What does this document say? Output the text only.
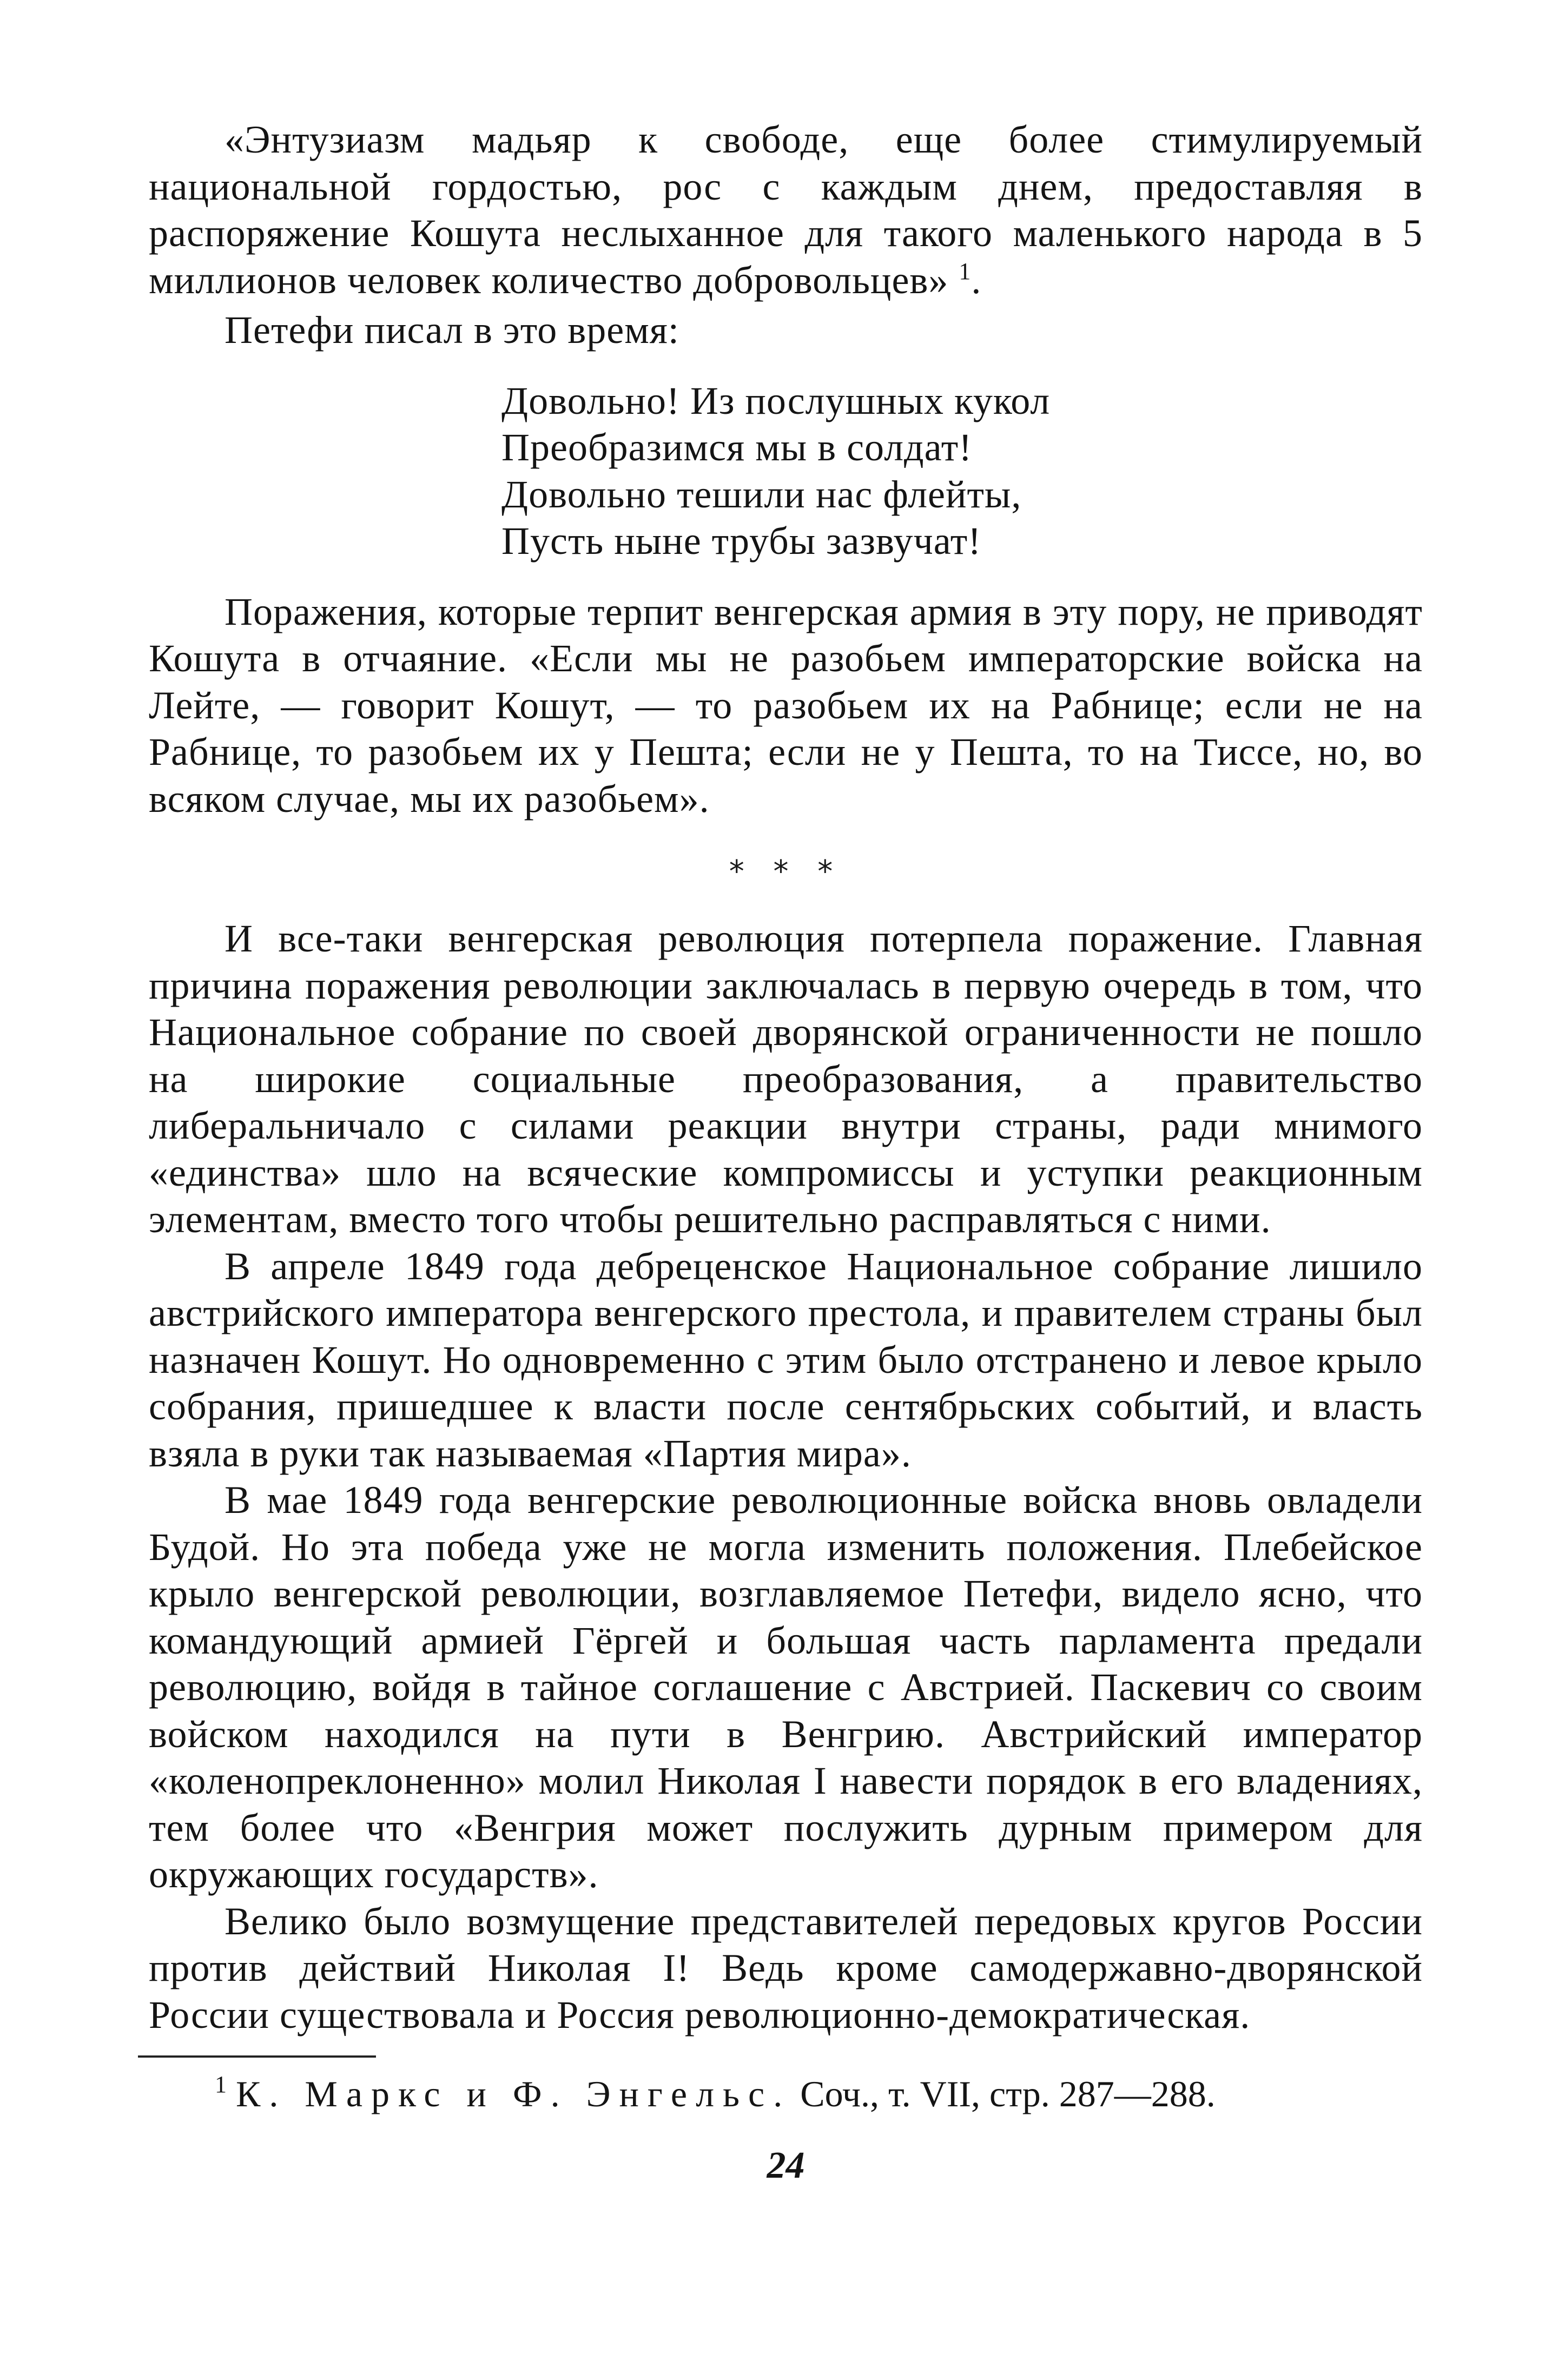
«Энтузиазм мадьяр к свободе, еще более стимулируемый национальной гордостью, рос с каждым днем, предоставляя в распоряжение Кошута неслыханное для такого маленького народа в 5 миллионов человек количество добровольцев» $^1$.

Петефи писал в это время:

Довольно! Из послушных кукол
Преобразимся мы в солдат!
Довольно тешили нас флейты,
Пусть ныне трубы зазвучат!

Поражения, которые терпит венгерская армия в эту пору, не приводят Кошута в отчаяние. «Если мы не разобьем императорские войска на Лейте, — говорит Кошут, — то разобьем их на Рабнице; если не на Рабнице, то разобьем их у Пешта; если не у Пешта, то на Тиссе, но, во всяком случае, мы их разобьем».

* * *

И все-таки венгерская революция потерпела поражение. Главная причина поражения революции заключалась в первую очередь в том, что Национальное собрание по своей дворянской ограниченности не пошло на широкие социальные преобразования, а правительство либеральничало с силами реакции внутри страны, ради мнимого «единства» шло на всяческие компромиссы и уступки реакционным элементам, вместо того чтобы решительно расправляться с ними.

В апреле 1849 года дебреценское Национальное собрание лишило австрийского императора венгерского престола, и правителем страны был назначен Кошут. Но одновременно с этим было отстранено и левое крыло собрания, пришедшее к власти после сентябрьских событий, и власть взяла в руки так называемая «Партия мира».

В мае 1849 года венгерские революционные войска вновь овладели Будой. Но эта победа уже не могла изменить положения. Плебейское крыло венгерской революции, возглавляемое Петефи, видело ясно, что командующий армией Гёргей и большая часть парламента предали революцию, войдя в тайное соглашение с Австрией. Паскевич со своим войском находился на пути в Венгрию. Австрийский император «коленопреклоненно» молил Николая I навести порядок в его владениях, тем более что «Венгрия может послужить дурным примером для окружающих государств».

Велико было возмущение представителей передовых кругов России против действий Николая I! Ведь кроме самодержавно-дворянской России существовала и Россия революционно-демократическая.

$^1$ К. Маркс и Ф. Энгельс. Соч., т. VII, стр. 287—288.

24
